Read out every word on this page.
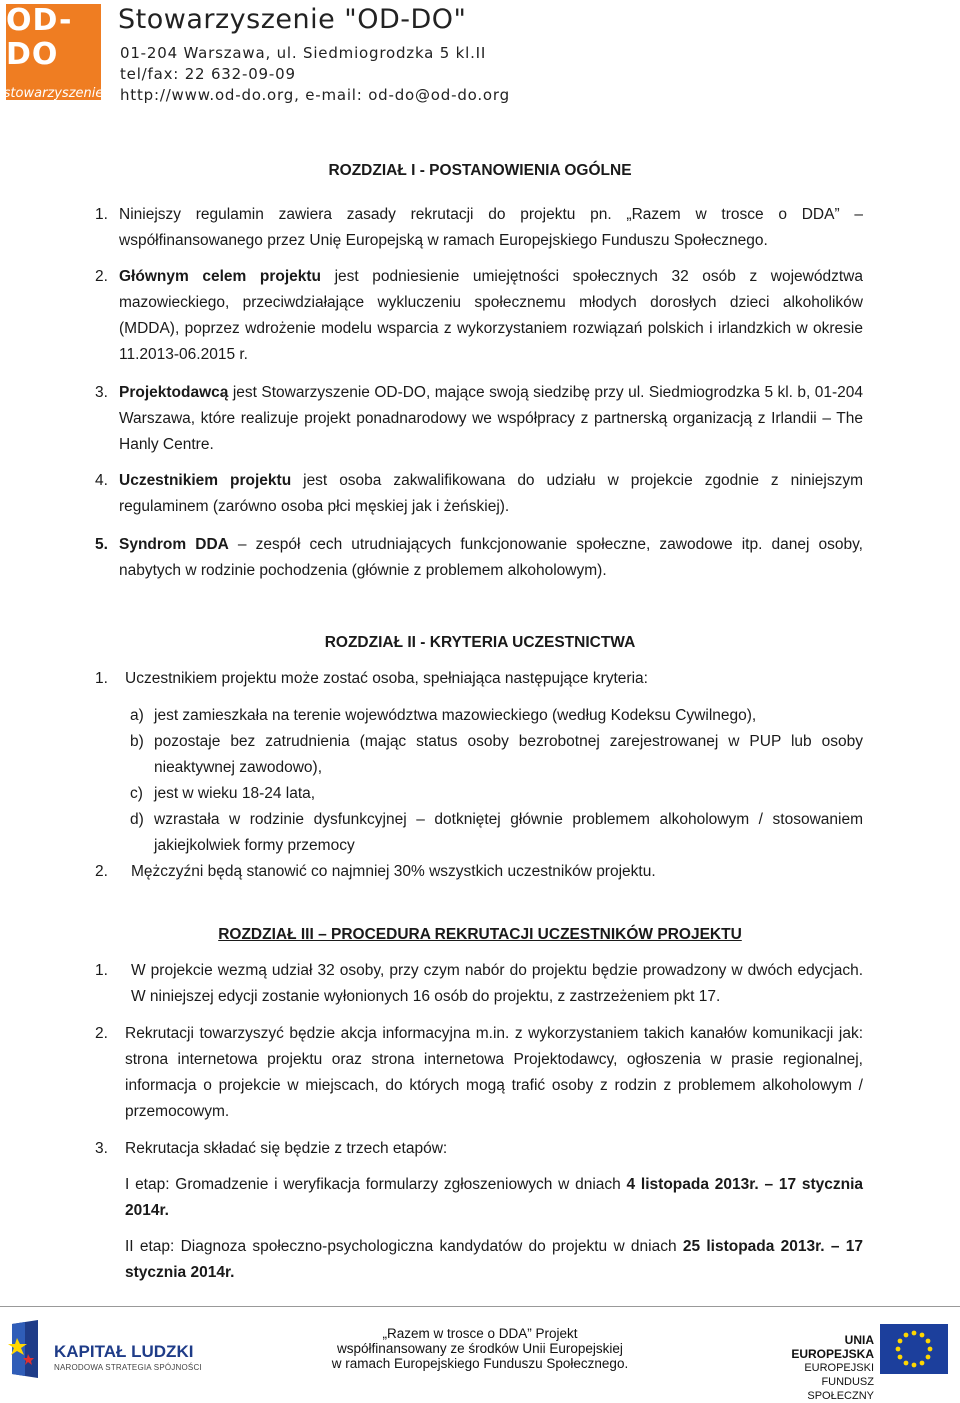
OD-DO
stowarzyszenie
Stowarzyszenie "OD-DO"

01-204 Warszawa, ul. Siedmiogrodzka 5 kl.II

tel/fax: 22 632-09-09

http://www.od-do.org, e-mail: od-do@od-do.org

ROZDZIAŁ I - POSTANOWIENIA OGÓLNE
1. Niniejszy regulamin zawiera zasady rekrutacji do projektu pn. „Razem w trosce o DDA” – współfinansowanego przez Unię Europejską w ramach Europejskiego Funduszu Społecznego.
2. Głównym celem projektu jest podniesienie umiejętności społecznych 32 osób z województwa mazowieckiego, przeciwdziałające wykluczeniu społecznemu młodych dorosłych dzieci alkoholików (MDDA), poprzez wdrożenie modelu wsparcia z wykorzystaniem rozwiązań polskich i irlandzkich w okresie 11.2013-06.2015 r.
3. Projektodawcą jest Stowarzyszenie OD-DO, mające swoją siedzibę przy ul. Siedmiogrodzka 5 kl. b, 01-204 Warszawa, które realizuje projekt ponadnarodowy we współpracy z partnerską organizacją z Irlandii – The Hanly Centre.
4. Uczestnikiem projektu jest osoba zakwalifikowana do udziału w projekcie zgodnie z niniejszym regulaminem (zarówno osoba płci męskiej jak i żeńskiej).
5. Syndrom DDA – zespół cech utrudniających funkcjonowanie społeczne, zawodowe itp. danej osoby, nabytych w rodzinie pochodzenia (głównie z problemem alkoholowym).
ROZDZIAŁ II - KRYTERIA UCZESTNICTWA
1. Uczestnikiem projektu może zostać osoba, spełniająca następujące kryteria:
a) jest zamieszkała na terenie województwa mazowieckiego (według Kodeksu Cywilnego),
b) pozostaje bez zatrudnienia (mając status osoby bezrobotnej zarejestrowanej w PUP lub osoby nieaktywnej zawodowo),
c) jest w wieku 18-24 lata,
d) wzrastała w rodzinie dysfunkcyjnej – dotkniętej głównie problemem alkoholowym / stosowaniem jakiejkolwiek formy przemocy
2. Mężczyźni będą stanowić co najmniej 30% wszystkich uczestników projektu.
ROZDZIAŁ III – PROCEDURA REKRUTACJI UCZESTNIKÓW PROJEKTU
1. W projekcie wezmą udział 32 osoby, przy czym nabór do projektu będzie prowadzony w dwóch edycjach. W niniejszej edycji zostanie wyłonionych 16 osób do projektu, z zastrzeżeniem pkt 17.
2. Rekrutacji towarzyszyć będzie akcja informacyjna m.in. z wykorzystaniem takich kanałów komunikacji jak: strona internetowa projektu oraz strona internetowa Projektodawcy, ogłoszenia w prasie regionalnej, informacja o projekcie w miejscach, do których mogą trafić osoby z rodzin z problemem alkoholowym / przemocowym.
3. Rekrutacja składać się będzie z trzech etapów:

I etap: Gromadzenie i weryfikacja formularzy zgłoszeniowych w dniach 4 listopada 2013r. – 17 stycznia 2014r.

II etap: Diagnoza społeczno-psychologiczna kandydatów do projektu w dniach 25 listopada 2013r. – 17 stycznia 2014r.

KAPITAŁ LUDZKI

NARODOWA STRATEGIA SPÓJNOŚCI

„Razem w trosce o DDA” Projekt

współfinansowany ze środków Unii Europejskiej

w ramach Europejskiego Funduszu Społecznego.

UNIA EUROPEJSKA

EUROPEJSKI

FUNDUSZ SPOŁECZNY
